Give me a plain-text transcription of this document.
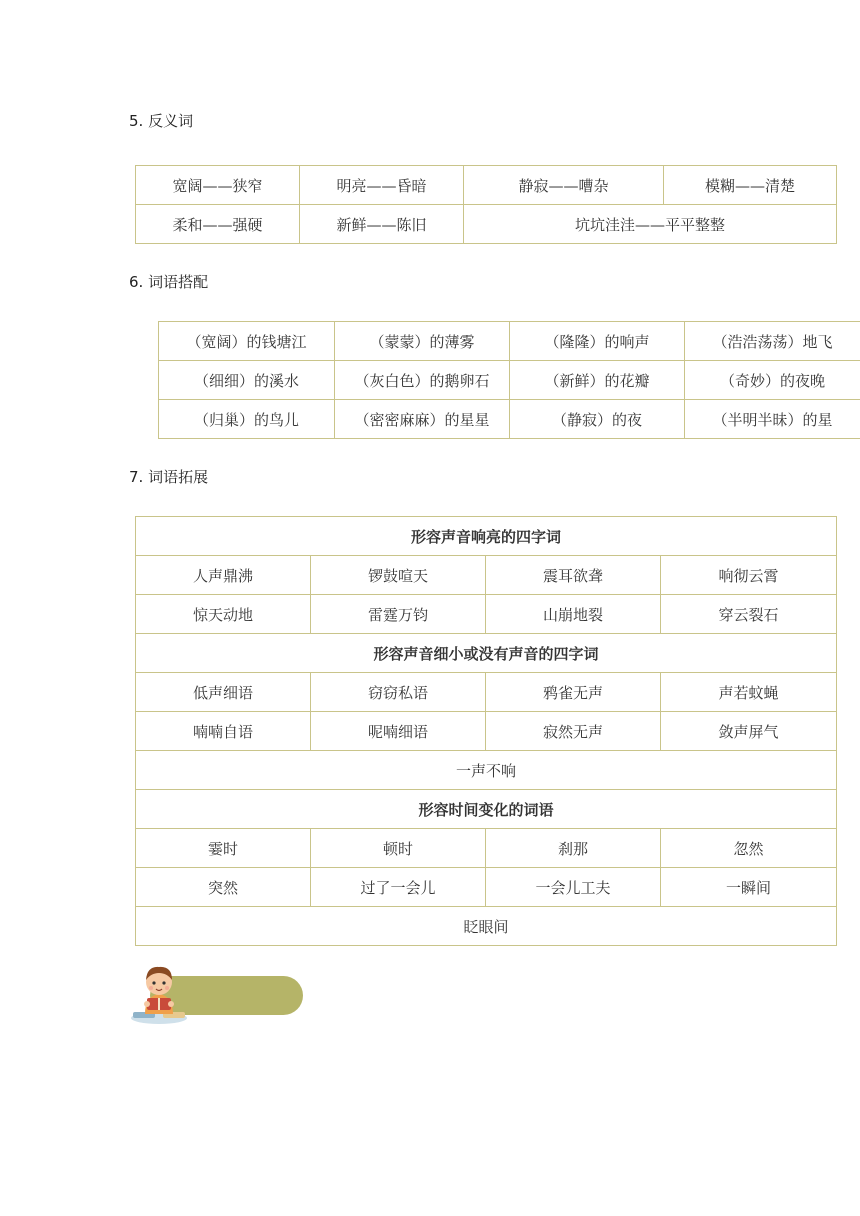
5. 反义词
宽阔——狭窄	明亮——昏暗	静寂——嘈杂	模糊——清楚
柔和——强硬	新鲜——陈旧	坑坑洼洼——平平整整	
6. 词语搭配
（宽阔）的钱塘江	（蒙蒙）的薄雾	（隆隆）的响声	（浩浩荡荡）地飞
（细细）的溪水	（灰白色）的鹅卵石	（新鲜）的花瓣	（奇妙）的夜晚
（归巢）的鸟儿	（密密麻麻）的星星	（静寂）的夜	（半明半昧）的星
7. 词语拓展
形容声音响亮的四字词			
人声鼎沸	锣鼓喧天	震耳欲聋	响彻云霄
惊天动地	雷霆万钧	山崩地裂	穿云裂石
形容声音细小或没有声音的四字词			
低声细语	窃窃私语	鸦雀无声	声若蚊蝇
喃喃自语	呢喃细语	寂然无声	敛声屏气
一声不响			
形容时间变化的词语			
霎时	顿时	刹那	忽然
突然	过了一会儿	一会儿工夫	一瞬间
眨眼间			
